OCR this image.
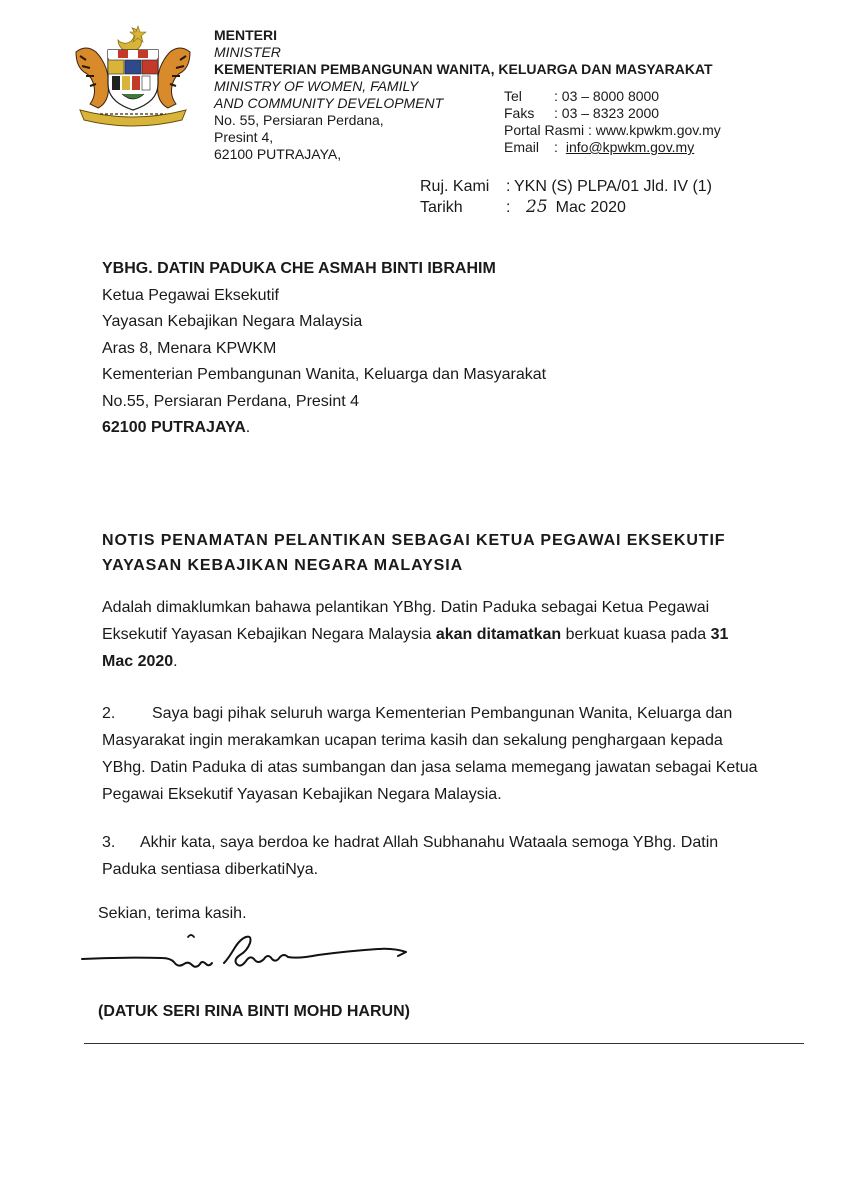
MENTERI
MINISTER
KEMENTERIAN PEMBANGUNAN WANITA, KELUARGA DAN MASYARAKAT
MINISTRY OF WOMEN, FAMILY
AND COMMUNITY DEVELOPMENT
No. 55, Persiaran Perdana,
Presint 4,
62100 PUTRAJAYA,
Tel	: 03 – 8000 8000
Faks	: 03 – 8323 2000
Portal Rasmi : www.kpwkm.gov.my
Email	: info@kpwkm.gov.my
Ruj. Kami	: YKN (S) PLPA/01 Jld. IV (1)
Tarikh	: 25 Mac 2020
YBHG. DATIN PADUKA CHE ASMAH BINTI IBRAHIM
Ketua Pegawai Eksekutif
Yayasan Kebajikan Negara Malaysia
Aras 8, Menara KPWKM
Kementerian Pembangunan Wanita, Keluarga dan Masyarakat
No.55, Persiaran Perdana, Presint 4
62100 PUTRAJAYA.
NOTIS PENAMATAN PELANTIKAN SEBAGAI KETUA PEGAWAI EKSEKUTIF
YAYASAN KEBAJIKAN NEGARA MALAYSIA
Adalah dimaklumkan bahawa pelantikan YBhg. Datin Paduka sebagai Ketua Pegawai Eksekutif Yayasan Kebajikan Negara Malaysia akan ditamatkan berkuat kuasa pada 31 Mac 2020.
2. Saya bagi pihak seluruh warga Kementerian Pembangunan Wanita, Keluarga dan Masyarakat ingin merakamkan ucapan terima kasih dan sekalung penghargaan kepada YBhg. Datin Paduka di atas sumbangan dan jasa selama memegang jawatan sebagai Ketua Pegawai Eksekutif Yayasan Kebajikan Negara Malaysia.
3. Akhir kata, saya berdoa ke hadrat Allah Subhanahu Wataala semoga YBhg. Datin Paduka sentiasa diberkatiNya.
Sekian, terima kasih.
(DATUK SERI RINA BINTI MOHD HARUN)
